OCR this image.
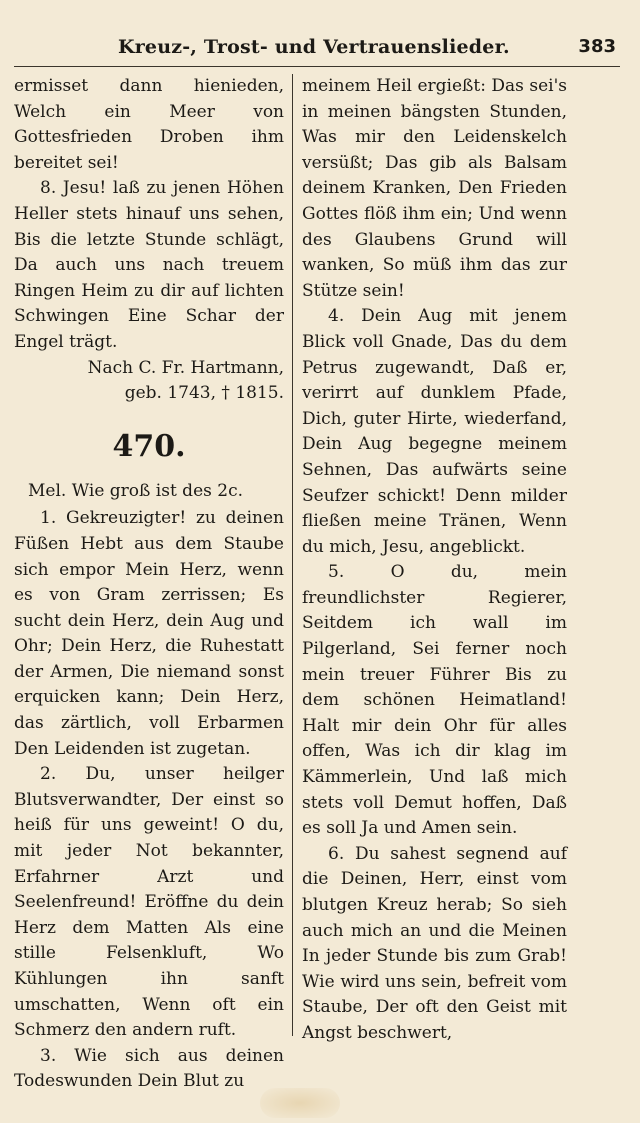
Kreuz-, Trost- und Vertrauenslieder.	383

ermisset dann hienieden, Welch ein Meer von Gottesfrieden Droben ihm bereitet sei!

8. Jesu! laß zu jenen Höhen Heller stets hinauf uns sehen, Bis die letzte Stunde schlägt, Da auch uns nach treuem Ringen Heim zu dir auf lichten Schwingen Eine Schar der Engel trägt.

Nach C. Fr. Hartmann,
geb. 1743, † 1815.
470.
Mel. Wie groß ist des 2c.

1. Gekreuzigter! zu deinen Füßen Hebt aus dem Staube sich empor Mein Herz, wenn es von Gram zerrissen; Es sucht dein Herz, dein Aug und Ohr; Dein Herz, die Ruhestatt der Armen, Die niemand sonst erquicken kann; Dein Herz, das zärtlich, voll Erbarmen Den Leidenden ist zugetan.

2. Du, unser heilger Blutsverwandter, Der einst so heiß für uns geweint! O du, mit jeder Not bekannter, Erfahrner Arzt und Seelenfreund! Eröffne du dein Herz dem Matten Als eine stille Felsenkluft, Wo Kühlungen ihn sanft umschatten, Wenn oft ein Schmerz den andern ruft.

3. Wie sich aus deinen Todeswunden Dein Blut zu

meinem Heil ergießt: Das sei's in meinen bängsten Stunden, Was mir den Leidenskelch versüßt; Das gib als Balsam deinem Kranken, Den Frieden Gottes flöß ihm ein; Und wenn des Glaubens Grund will wanken, So müß ihm das zur Stütze sein!

4. Dein Aug mit jenem Blick voll Gnade, Das du dem Petrus zugewandt, Daß er, verirrt auf dunklem Pfade, Dich, guter Hirte, wiederfand, Dein Aug begegne meinem Sehnen, Das aufwärts seine Seufzer schickt! Denn milder fließen meine Tränen, Wenn du mich, Jesu, angeblickt.

5. O du, mein freundlichster Regierer, Seitdem ich wall im Pilgerland, Sei ferner noch mein treuer Führer Bis zu dem schönen Heimatland! Halt mir dein Ohr für alles offen, Was ich dir klag im Kämmerlein, Und laß mich stets voll Demut hoffen, Daß es soll Ja und Amen sein.

6. Du sahest segnend auf die Deinen, Herr, einst vom blutgen Kreuz herab; So sieh auch mich an und die Meinen In jeder Stunde bis zum Grab! Wie wird uns sein, befreit vom Staube, Der oft den Geist mit Angst beschwert,
